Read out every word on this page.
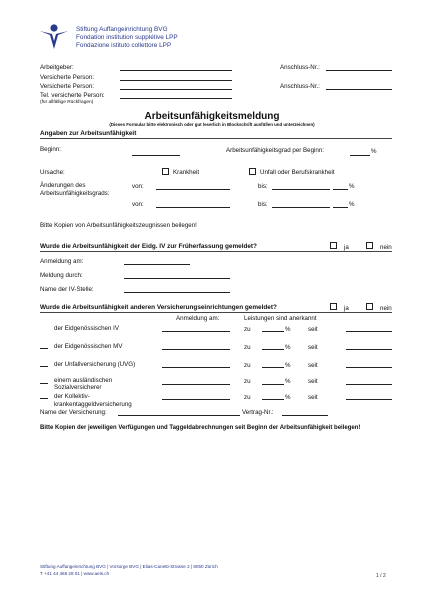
Stiftung Auffangeinrichtung BVG
Fondation institution supplétive LPP
Fondazione istituto collettore LPP
Arbeitgeber:	Anschluss-Nr.:
Versicherte Person:
Versicherte Person:	Anschluss-Nr.:
Tel. versicherte Person:
(für allfällige Rückfragen)
Arbeitsunfähigkeitsmeldung
(Dieses Formular bitte elektronisch oder gut leserlich in Blockschrift ausfüllen und unterzeichnen)
Angaben zur Arbeitsunfähigkeit
Beginn:	Arbeitsunfähigkeitsgrad per Beginn:	%
Ursache:	Krankheit	Unfall oder Berufskrankheit
Änderungen des
Arbeitsunfähigkeitsgrads:
von:	bis:	%
von:	bis:	%
Bitte Kopien von Arbeitsunfähigkeitszeugnissen beilegen!
Wurde die Arbeitsunfähigkeit der Eidg. IV zur Früherfassung gemeldet?	ja	nein
Anmeldung am:
Meldung durch:
Name der IV-Stelle:
Wurde die Arbeitsunfähigkeit anderen Versicherungseinrichtungen gemeldet?	ja	nein
Anmeldung am:	Leistungen sind anerkannt
der Eidgenössischen IV	zu	%	seit
der Eidgenössischen MV	zu	%	seit
der Unfallversicherung (UVG)	zu	%	seit
einem ausländischen
Sozialversicherer
zu	%	seit
der Kollektiv-
krankentaggeldversicherung
zu	%	seit
Name der Versicherung:	Vertrag-Nr.:
Bitte Kopien der jeweiligen Verfügungen und Taggeldabrechnungen seit Beginn der Arbeitsunfähigkeit beilegen!
Stiftung Auffangeinrichtung BVG | Vorsorge BVG | Elias-Canetti-Strasse 2 | 8050 Zürich
T +41 44 468 28 01 | www.aeis.ch	1 / 2
